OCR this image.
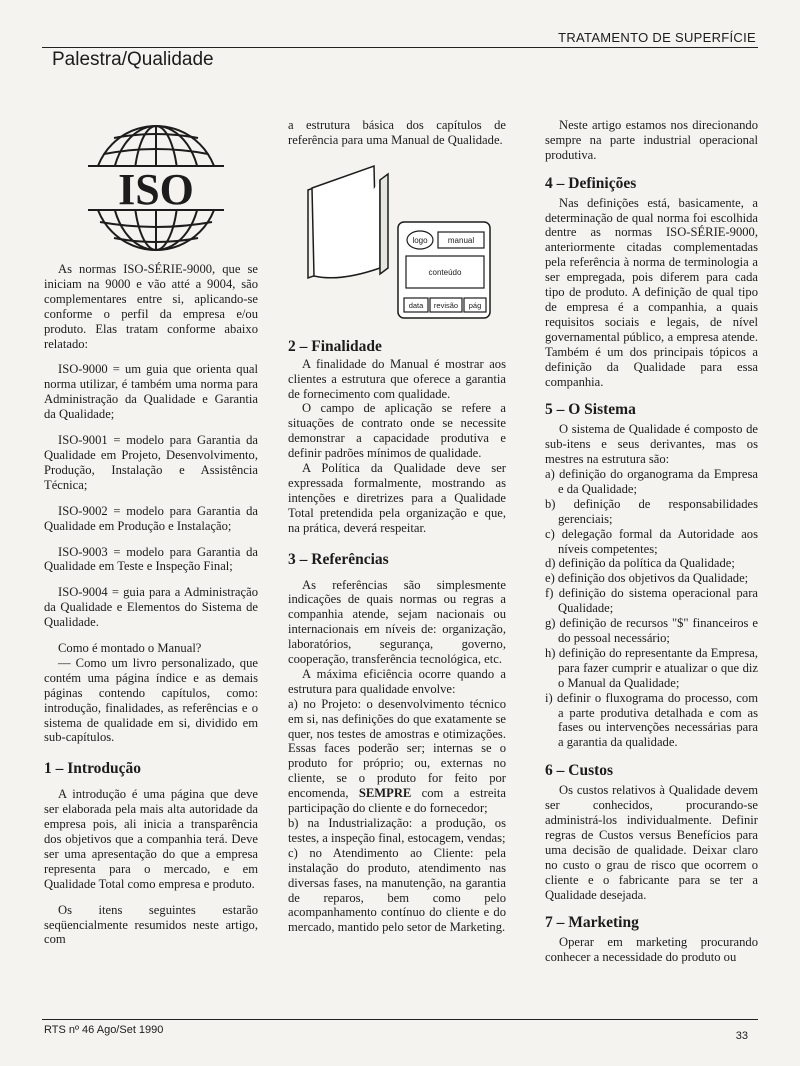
TRATAMENTO DE SUPERFÍCIE
Palestra/Qualidade
ISO
logo	manual
conteúdo
data revisão pág

As normas ISO-SÉRIE-9000, que se iniciam na 9000 e vão atté a 9004, são complementares entre si, aplicando-se conforme o perfil da empresa e/ou produto. Elas tratam conforme abaixo relatado:

ISO-9000 = um guia que orienta qual norma utilizar, é também uma norma para Administração da Qualidade e Garantia da Qualidade;

ISO-9001 = modelo para Garantia da Qualidade em Projeto, Desenvolvimento, Produção, Instalação e Assistência Técnica;

ISO-9002 = modelo para Garantia da Qualidade em Produção e Instalação;

ISO-9003 = modelo para Garantia da Qualidade em Teste e Inspeção Final;

ISO-9004 = guia para a Administração da Qualidade e Elementos do Sistema de Qualidade.

Como é montado o Manual?

— Como um livro personalizado, que contém uma página índice e as demais páginas contendo capítulos, como: introdução, finalidades, as referências e o sistema de qualidade em si, dividido em sub-capítulos.

1 – Introdução

A introdução é uma página que deve ser elaborada pela mais alta autoridade da empresa pois, ali inicia a transparência dos objetivos que a companhia terá. Deve ser uma apresentação do que a empresa representa para o mercado, e em Qualidade Total como empresa e produto.

Os itens seguintes estarão seqüencialmente resumidos neste artigo, com

a estrutura básica dos capítulos de referência para uma Manual de Qualidade.

2 – Finalidade

A finalidade do Manual é mostrar aos clientes a estrutura que oferece a garantia de fornecimento com qualidade.

O campo de aplicação se refere a situações de contrato onde se necessite demonstrar a capacidade produtiva e definir padrões mínimos de qualidade.

A Política da Qualidade deve ser expressada formalmente, mostrando as intenções e diretrizes para a Qualidade Total pretendida pela organização e que, na prática, deverá respeitar.

3 – Referências

As referências são simplesmente indicações de quais normas ou regras a companhia atende, sejam nacionais ou internacionais em níveis de: organização, laboratórios, segurança, governo, cooperação, transferência tecnológica, etc.

A máxima eficiência ocorre quando a estrutura para qualidade envolve:

a) no Projeto: o desenvolvimento técnico em si, nas definições do que exatamente se quer, nos testes de amostras e otimizações. Essas faces poderão ser; internas se o produto for próprio; ou, externas no cliente, se o produto for feito por encomenda, SEMPRE com a estreita participação do cliente e do fornecedor;

b) na Industrialização: a produção, os testes, a inspeção final, estocagem, vendas;

c) no Atendimento ao Cliente: pela instalação do produto, atendimento nas diversas fases, na manutenção, na garantia de reparos, bem como pelo acompanhamento contínuo do cliente e do mercado, mantido pelo setor de Marketing.

Neste artigo estamos nos direcionando sempre na parte industrial operacional produtiva.

4 – Definições

Nas definições está, basicamente, a determinação de qual norma foi escolhida dentre as normas ISO-SÉRIE-9000, anteriormente citadas complementadas pela referência à norma de terminologia a ser empregada, pois diferem para cada tipo de produto. A definição de qual tipo de empresa é a companhia, a quais requisitos sociais e legais, de nível governamental público, a empresa atende. Também é um dos principais tópicos a definição da Qualidade para essa companhia.

5 – O Sistema

O sistema de Qualidade é composto de sub-itens e seus derivantes, mas os mestres na estrutura são:

a) definição do organograma da Empresa e da Qualidade;
b) definição de responsabilidades gerenciais;
c) delegação formal da Autoridade aos níveis competentes;
d) definição da política da Qualidade;
e) definição dos objetivos da Qualidade;
f) definição do sistema operacional para Qualidade;
g) definição de recursos "$" financeiros e do pessoal necessário;
h) definição do representante da Empresa, para fazer cumprir e atualizar o que diz o Manual da Qualidade;
i) definir o fluxograma do processo, com a parte produtiva detalhada e com as fases ou intervenções necessárias para a garantia da qualidade.
6 – Custos

Os custos relativos à Qualidade devem ser conhecidos, procurando-se administrá-los individualmente. Definir regras de Custos versus Benefícios para uma decisão de qualidade. Deixar claro no custo o grau de risco que ocorrem o cliente e o fabricante para se ter a Qualidade desejada.

7 – Marketing

Operar em marketing procurando conhecer a necessidade do produto ou

RTS nº 46 Ago/Set 1990	33
